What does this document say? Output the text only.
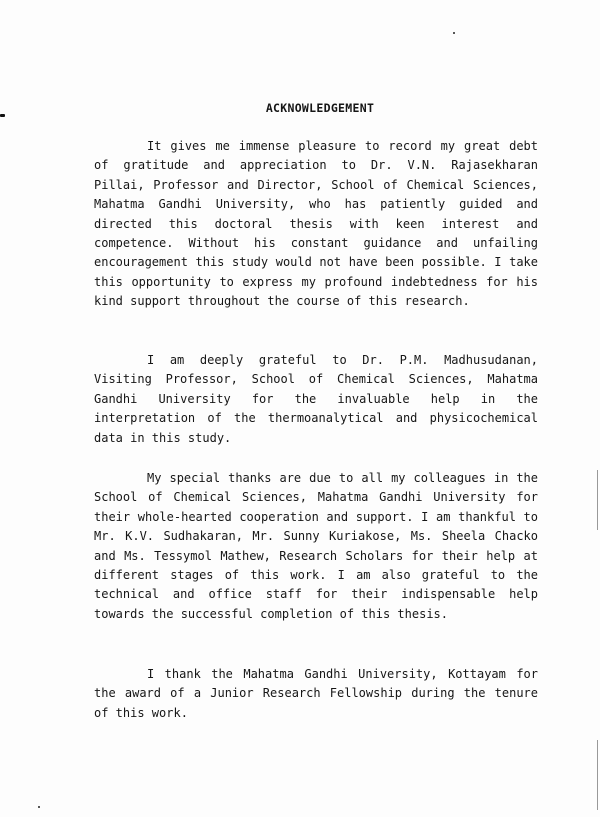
ACKNOWLEDGEMENT

It gives me immense pleasure to record my great debt of gratitude and appreciation to Dr. V.N. Rajasekharan Pillai, Professor and Director, School of Chemical Sciences, Mahatma Gandhi University, who has patiently guided and directed this doctoral thesis with keen interest and competence. Without his constant guidance and unfailing encouragement this study would not have been possible. I take this opportunity to express my profound indebtedness for his kind support throughout the course of this research.

I am deeply grateful to Dr. P.M. Madhusudanan, Visiting Professor, School of Chemical Sciences, Mahatma Gandhi University for the invaluable help in the interpretation of the thermoanalytical and physicochemical data in this study.

My special thanks are due to all my colleagues in the School of Chemical Sciences, Mahatma Gandhi University for their whole-hearted cooperation and support. I am thankful to Mr. K.V. Sudhakaran, Mr. Sunny Kuriakose, Ms. Sheela Chacko and Ms. Tessymol Mathew, Research Scholars for their help at different stages of this work. I am also grateful to the technical and office staff for their indispensable help towards the successful completion of this thesis.

I thank the Mahatma Gandhi University, Kottayam for the award of a Junior Research Fellowship during the tenure of this work.
